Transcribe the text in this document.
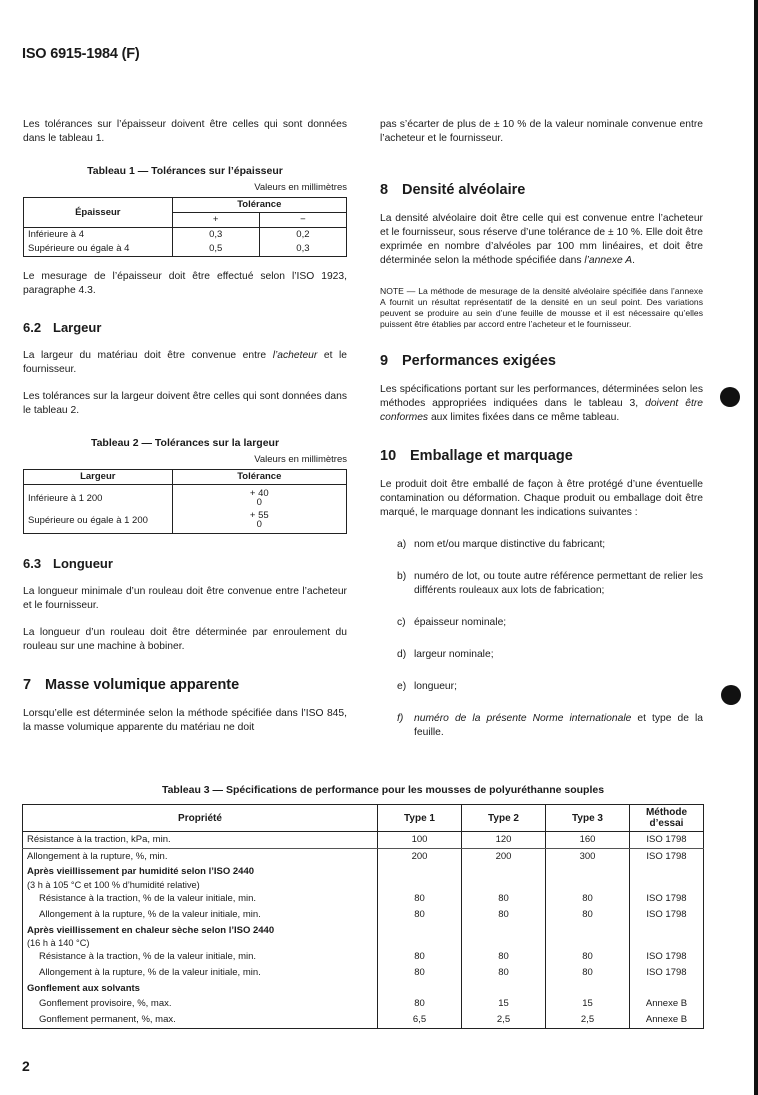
ISO 6915-1984 (F)

Les tolérances sur l’épaisseur doivent être celles qui sont données dans le tableau 1.

Tableau 1 — Tolérances sur l’épaisseur

Valeurs en millimètres

Épaisseur	Tolérance	
	+	−
Inférieure à 4	0,3	0,2
Supérieure ou égale à 4	0,5	0,3

Le mesurage de l’épaisseur doit être effectué selon l’ISO 1923, paragraphe 4.3.

6.2 Largeur

La largeur du matériau doit être convenue entre l’acheteur et le fournisseur.

Les tolérances sur la largeur doivent être celles qui sont données dans le tableau 2.

Tableau 2 — Tolérances sur la largeur

Valeurs en millimètres

Largeur	Tolérance
Inférieure à 1 200	+ 40
0

Supérieure ou égale à 1 200	+ 55
0
6.3 Longueur

La longueur minimale d’un rouleau doit être convenue entre l’acheteur et le fournisseur.

La longueur d’un rouleau doit être déterminée par enroulement du rouleau sur une machine à bobiner.

7 Masse volumique apparente

Lorsqu’elle est déterminée selon la méthode spécifiée dans l’ISO 845, la masse volumique apparente du matériau ne doit

pas s’écarter de plus de ± 10 % de la valeur nominale convenue entre l’acheteur et le fournisseur.

8 Densité alvéolaire

La densité alvéolaire doit être celle qui est convenue entre l’acheteur et le fournisseur, sous réserve d’une tolérance de ± 10 %. Elle doit être exprimée en nombre d’alvéoles par 100 mm linéaires, et doit être déterminée selon la méthode spécifiée dans l’annexe A.

NOTE — La méthode de mesurage de la densité alvéolaire spécifiée dans l’annexe A fournit un résultat représentatif de la densité en un seul point. Des variations peuvent se produire au sein d’une feuille de mousse et il est nécessaire qu’elles puissent être établies par accord entre l’acheteur et le fournisseur.

9 Performances exigées

Les spécifications portant sur les performances, déterminées selon les méthodes appropriées indiquées dans le tableau 3, doivent être conformes aux limites fixées dans ce même tableau.

10 Emballage et marquage

Le produit doit être emballé de façon à être protégé d’une éventuelle contamination ou déformation. Chaque produit ou emballage doit être marqué, le marquage donnant les indications suivantes :

a) nom et/ou marque distinctive du fabricant;

b) numéro de lot, ou toute autre référence permettant de relier les différents rouleaux aux lots de fabrication;

c) épaisseur nominale;

d) largeur nominale;

e) longueur;

f)	numéro de la présente Norme internationale et type de la feuille.

Tableau 3 — Spécifications de performance pour les mousses de polyuréthanne souples
Propriété	Type 1	Type 2	Type 3	Méthode d’essai
Résistance à la traction, kPa, min.	100	120	160	ISO 1798
Allongement à la rupture, %, min.	200	200	300	ISO 1798
Après vieillissement par humidité selon l’ISO 2440
(3 h à 105 °C et 100 % d’humidité relative)				

Résistance à la traction, % de la valeur initiale, min.	80	80	80	ISO 1798
Allongement à la rupture, % de la valeur initiale, min.	80	80	80	ISO 1798
Après vieillissement en chaleur sèche selon l’ISO 2440
(16 h à 140 °C)				

Résistance à la traction, % de la valeur initiale, min.	80	80	80	ISO 1798
Allongement à la rupture, % de la valeur initiale, min.	80	80	80	ISO 1798
Gonflement aux solvants				
Gonflement provisoire, %, max.	80	15	15	Annexe B
Gonflement permanent, %, max.	6,5	2,5	2,5	Annexe B
2
